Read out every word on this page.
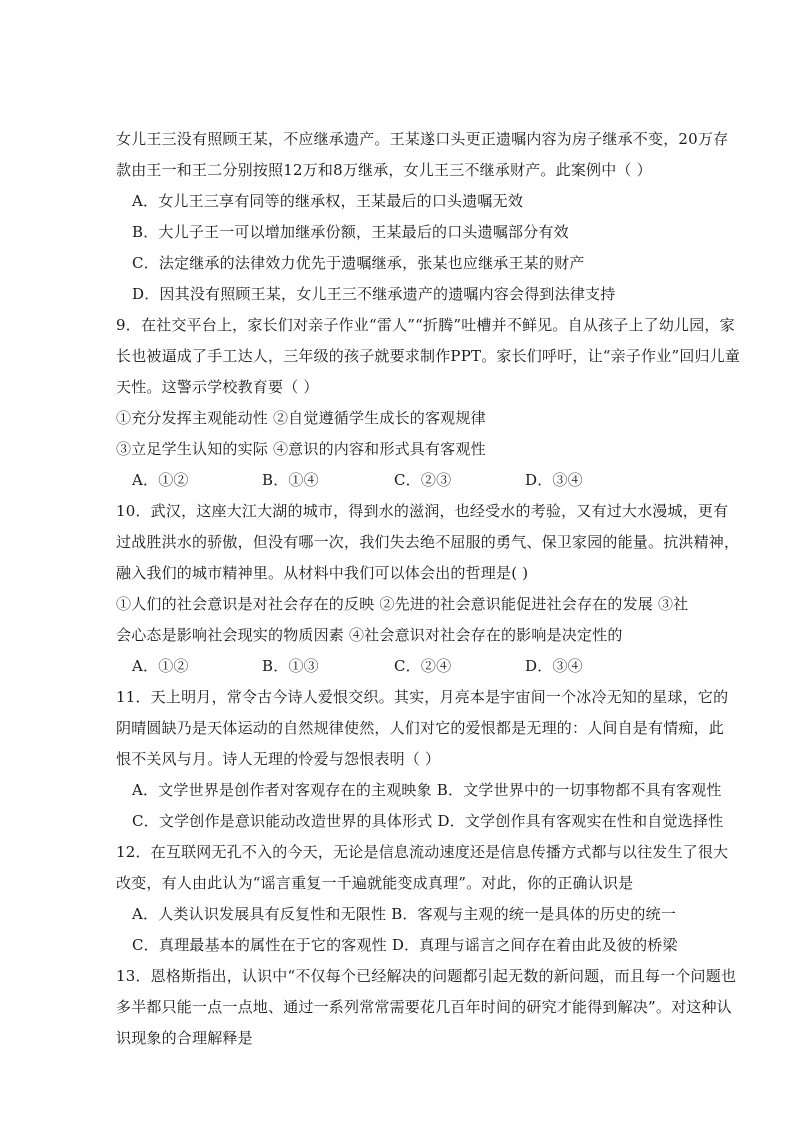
女儿王三没有照顾王某，不应继承遗产。王某遂口头更正遗嘱内容为房子继承不变，20万存
款由王一和王二分别按照12万和8万继承，女儿王三不继承财产。此案例中（ ）
A．女儿王三享有同等的继承权，王某最后的口头遗嘱无效
B．大儿子王一可以增加继承份额，王某最后的口头遗嘱部分有效
C．法定继承的法律效力优先于遗嘱继承，张某也应继承王某的财产
D．因其没有照顾王某，女儿王三不继承遗产的遗嘱内容会得到法律支持
9．在社交平台上，家长们对亲子作业“雷人”“折腾”吐槽并不鲜见。自从孩子上了幼儿园，家
长也被逼成了手工达人，三年级的孩子就要求制作PPT。家长们呼吁，让“亲子作业”回归儿童
天性。这警示学校教育要（ ）
①充分发挥主观能动性 ②自觉遵循学生成长的客观规律
③立足学生认知的实际 ④意识的内容和形式具有客观性
A．①②	B．①④	C．②③	D．③④
10．武汉，这座大江大湖的城市，得到水的滋润，也经受水的考验，又有过大水漫城，更有
过战胜洪水的骄傲，但没有哪一次，我们失去绝不屈服的勇气、保卫家园的能量。抗洪精神，
融入我们的城市精神里。从材料中我们可以体会出的哲理是( )
①人们的社会意识是对社会存在的反映 ②先进的社会意识能促进社会存在的发展 ③社
会心态是影响社会现实的物质因素 ④社会意识对社会存在的影响是决定性的
A．①②	B．①③	C．②④	D．③④
11．天上明月，常令古今诗人爱恨交织。其实，月亮本是宇宙间一个冰冷无知的星球，它的
阴晴圆缺乃是天体运动的自然规律使然，人们对它的爱恨都是无理的：人间自是有情痴，此
恨不关风与月。诗人无理的怜爱与怨恨表明（ ）
A．文学世界是创作者对客观存在的主观映象 B．文学世界中的一切事物都不具有客观性
C．文学创作是意识能动改造世界的具体形式 D．文学创作具有客观实在性和自觉选择性
12．在互联网无孔不入的今天，无论是信息流动速度还是信息传播方式都与以往发生了很大
改变，有人由此认为“谣言重复一千遍就能变成真理”。对此，你的正确认识是
A．人类认识发展具有反复性和无限性 B．客观与主观的统一是具体的历史的统一
C．真理最基本的属性在于它的客观性 D．真理与谣言之间存在着由此及彼的桥梁
13．恩格斯指出，认识中“不仅每个已经解决的问题都引起无数的新问题，而且每一个问题也
多半都只能一点一点地、通过一系列常常需要花几百年时间的研究才能得到解决”。对这种认
识现象的合理解释是
